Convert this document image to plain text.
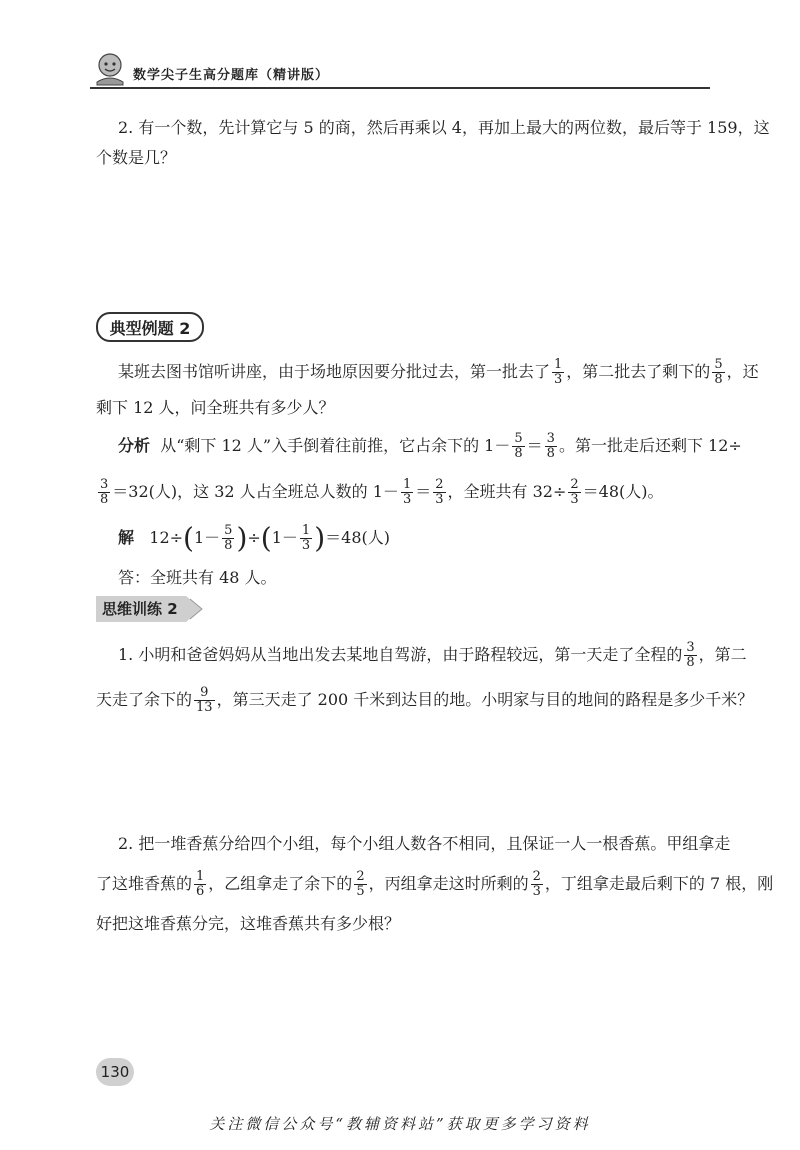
数学尖子生高分题库（精讲版）
2. 有一个数，先计算它与 5 的商，然后再乘以 4，再加上最大的两位数，最后等于 159，这
个数是几？
典型例题 2
某班去图书馆听讲座，由于场地原因要分批过去，第一批去了 $\frac{1}{3}$ ，第二批去了剩下的 $\frac{5}{8}$ ，还
剩下 12 人，问全班共有多少人？
分析 从“剩下 12 人”入手倒着往前推，它占余下的 $1- \frac{5}{8} = \frac{3}{8}$ 。第一批走后还剩下 12÷
$\frac{3}{8} =32$(人)，这 32 人占全班总人数的 $1- \frac{1}{3} = \frac{2}{3}$ ，全班共有 $32\div \frac{2}{3} =48$(人)。
解 $12\div(1- \frac{5}{8} )\div(1- \frac{1}{3} )=48$(人)
答：全班共有 48 人。
思维训练 2
1. 小明和爸爸妈妈从当地出发去某地自驾游，由于路程较远，第一天走了全程的 $\frac{3}{8}$ ，第二
天走了余下的 $\frac{9}{13}$ ，第三天走了 200 千米到达目的地。小明家与目的地间的路程是多少千米？
2. 把一堆香蕉分给四个小组，每个小组人数各不相同，且保证一人一根香蕉。甲组拿走
了这堆香蕉的 $\frac{1}{6}$ ，乙组拿走了余下的 $\frac{2}{5}$ ，丙组拿走这时所剩的 $\frac{2}{3}$ ，丁组拿走最后剩下的 7 根，刚
好把这堆香蕉分完，这堆香蕉共有多少根？
130
关注微信公众号“教辅资料站”获取更多学习资料
